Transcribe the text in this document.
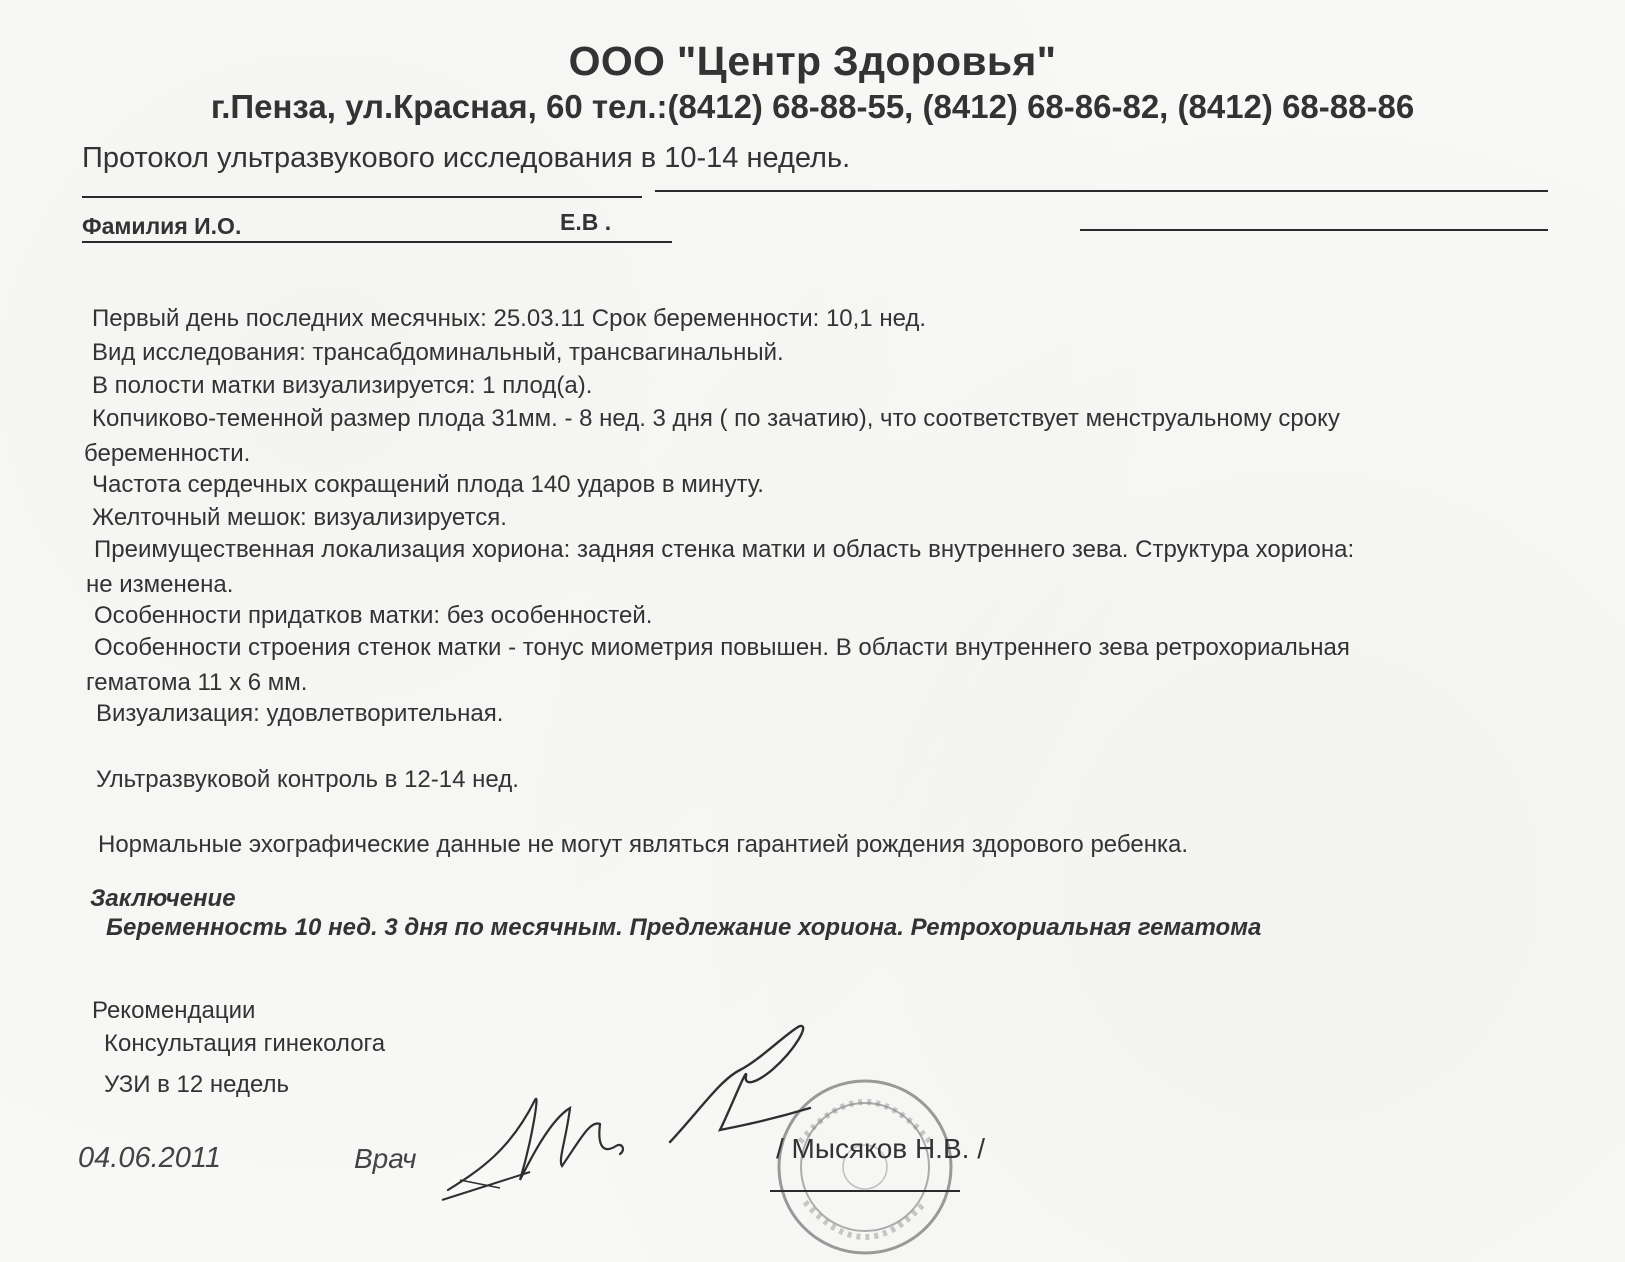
ООО "Центр Здоровья"
г.Пенза, ул.Красная, 60 тел.:(8412) 68-88-55, (8412) 68-86-82, (8412) 68-88-86
Протокол ультразвукового исследования в 10-14 недель.
Фамилия И.О.	Е.В .
Первый день последних месячных: 25.03.11 Срок беременности: 10,1 нед.
Вид исследования: трансабдоминальный, трансвагинальный.
В полости матки визуализируется: 1 плод(а).
Копчиково-теменной размер плода 31мм. - 8 нед. 3 дня ( по зачатию), что соответствует менструальному сроку
беременности.
Частота сердечных сокращений плода 140 ударов в минуту.
Желточный мешок: визуализируется.
Преимущественная локализация хориона: задняя стенка матки и область внутреннего зева. Структура хориона:
не изменена.
Особенности придатков матки: без особенностей.
Особенности строения стенок матки - тонус миометрия повышен. В области внутреннего зева ретрохориальная
гематома 11 х 6 мм.
Визуализация: удовлетворительная.
Ультразвуковой контроль в 12-14 нед.
Нормальные эхографические данные не могут являться гарантией рождения здорового ребенка.
Заключение
Беременность 10 нед. 3 дня по месячным. Предлежание хориона. Ретрохориальная гематома
Рекомендации
Консультация гинеколога
УЗИ в 12 недель
04.06.2011	Врач	/ Мысяков Н.В. /
